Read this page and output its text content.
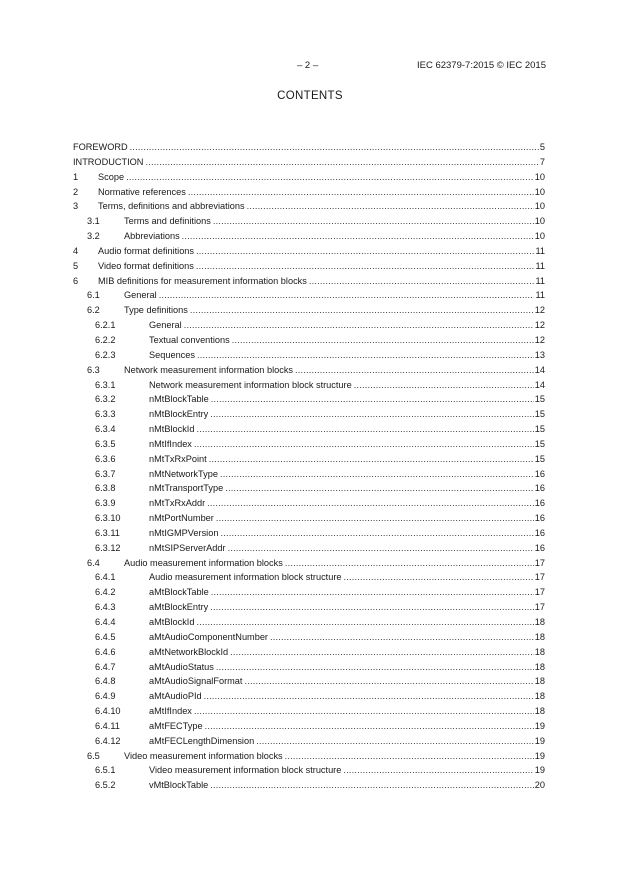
– 2 –	IEC 62379-7:2015 © IEC 2015
CONTENTS
FOREWORD .....	5
INTRODUCTION .....	7
1	Scope .....	10
2	Normative references .....	10
3	Terms, definitions and abbreviations .....	10
3.1	Terms and definitions .....	10
3.2	Abbreviations .....	10
4	Audio format definitions .....	11
5	Video format definitions .....	11
6	MIB definitions for measurement information blocks .....	11
6.1	General .....	11
6.2	Type definitions .....	12
6.2.1	General .....	12
6.2.2	Textual conventions .....	12
6.2.3	Sequences .....	13
6.3	Network measurement information blocks .....	14
6.3.1	Network measurement information block structure .....	14
6.3.2	nMtBlockTable .....	15
6.3.3	nMtBlockEntry .....	15
6.3.4	nMtBlockId .....	15
6.3.5	nMtIfIndex .....	15
6.3.6	nMtTxRxPoint .....	15
6.3.7	nMtNetworkType .....	16
6.3.8	nMtTransportType .....	16
6.3.9	nMtTxRxAddr .....	16
6.3.10	nMtPortNumber .....	16
6.3.11	nMtIGMPVersion .....	16
6.3.12	nMtSIPServerAddr .....	16
6.4	Audio measurement information blocks .....	17
6.4.1	Audio measurement information block structure .....	17
6.4.2	aMtBlockTable .....	17
6.4.3	aMtBlockEntry .....	17
6.4.4	aMtBlockId .....	18
6.4.5	aMtAudioComponentNumber .....	18
6.4.6	aMtNetworkBlockId .....	18
6.4.7	aMtAudioStatus .....	18
6.4.8	aMtAudioSignalFormat .....	18
6.4.9	aMtAudioPId .....	18
6.4.10	aMtIfIndex .....	18
6.4.11	aMtFECType .....	19
6.4.12	aMtFECLengthDimension .....	19
6.5	Video measurement information blocks .....	19
6.5.1	Video measurement information block structure .....	19
6.5.2	vMtBlockTable .....	20
